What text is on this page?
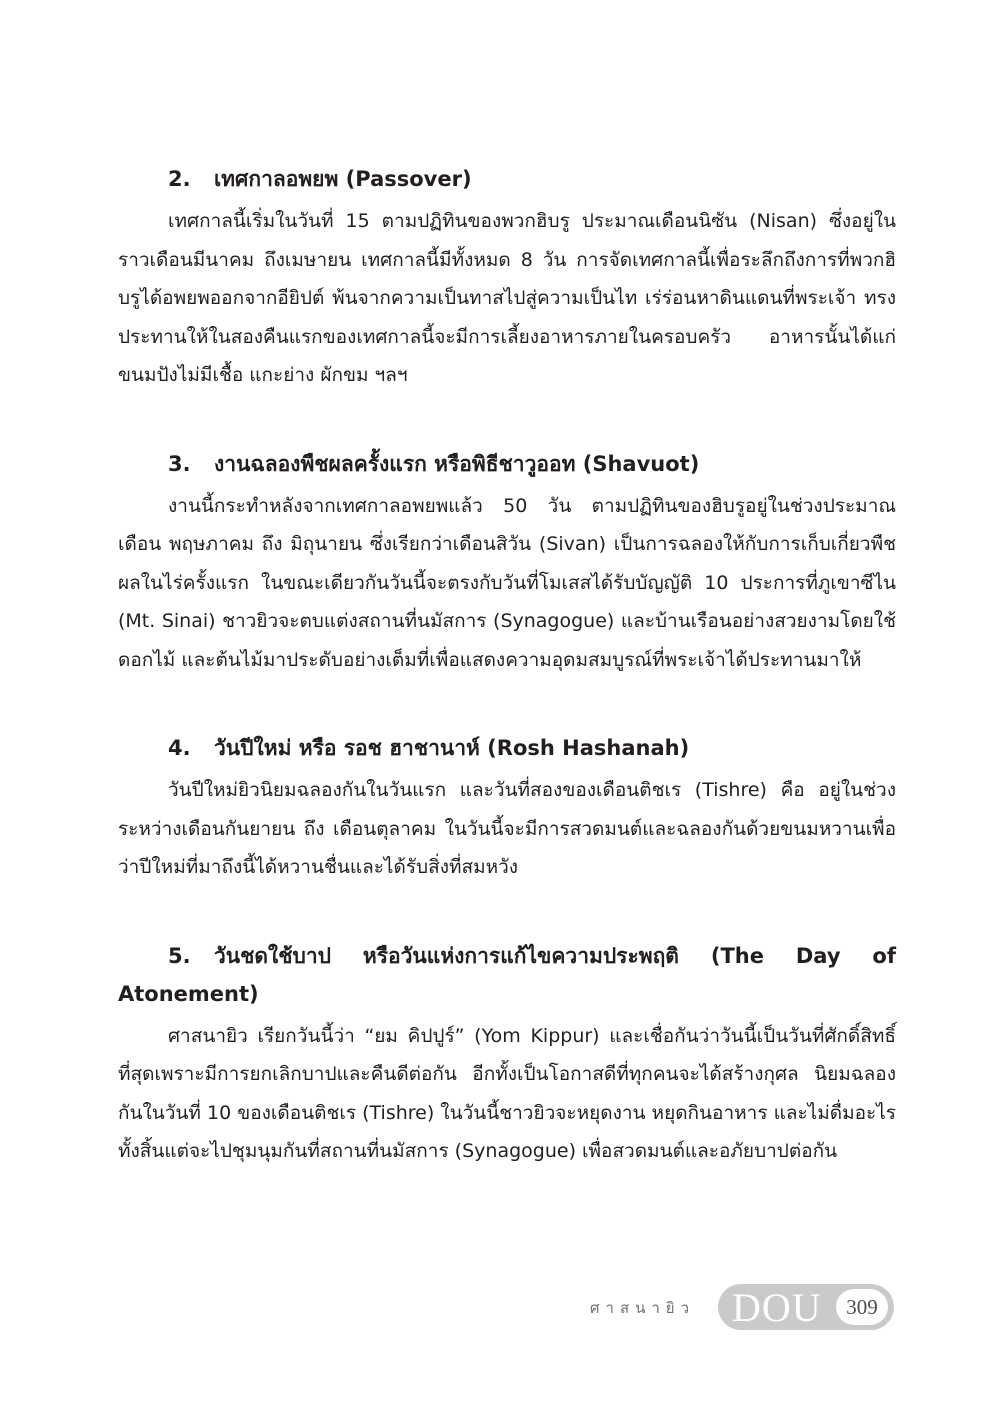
2. เทศกาลอพยพ (Passover)

เทศกาลนี้เริ่มในวันที่ 15 ตามปฏิทินของพวกฮิบรู ประมาณเดือนนิซัน (Nisan) ซึ่งอยู่ในราวเดือนมีนาคม ถึงเมษายน เทศกาลนี้มีทั้งหมด 8 วัน การจัดเทศกาลนี้เพื่อระลึกถึงการที่พวกฮิบรูได้อพยพออกจากอียิปต์ พ้นจากความเป็นทาสไปสู่ความเป็นไท เร่ร่อนหาดินแดนที่พระเจ้า ทรงประทานให้ในสองคืนแรกของเทศกาลนี้จะมีการเลี้ยงอาหารภายในครอบครัว อาหารนั้นได้แก่ ขนมปังไม่มีเชื้อ แกะย่าง ผักขม ฯลฯ

3. งานฉลองพืชผลครั้งแรก หรือพิธีชาวูออท (Shavuot)

งานนี้กระทำหลังจากเทศกาลอพยพแล้ว 50 วัน ตามปฏิทินของฮิบรูอยู่ในช่วงประมาณเดือน พฤษภาคม ถึง มิถุนายน ซึ่งเรียกว่าเดือนสิวัน (Sivan) เป็นการฉลองให้กับการเก็บเกี่ยวพืชผลในไร่ครั้งแรก ในขณะเดียวกันวันนี้จะตรงกับวันที่โมเสสได้รับบัญญัติ 10 ประการที่ภูเขาซีไน (Mt. Sinai) ชาวยิวจะตบแต่งสถานที่นมัสการ (Synagogue) และบ้านเรือนอย่างสวยงามโดยใช้ดอกไม้ และต้นไม้มาประดับอย่างเต็มที่เพื่อแสดงความอุดมสมบูรณ์ที่พระเจ้าได้ประทานมาให้

4. วันปีใหม่ หรือ รอช ฮาชานาห์ (Rosh Hashanah)

วันปีใหม่ยิวนิยมฉลองกันในวันแรก และวันที่สองของเดือนติชเร (Tishre) คือ อยู่ในช่วงระหว่างเดือนกันยายน ถึง เดือนตุลาคม ในวันนี้จะมีการสวดมนต์และฉลองกันด้วยขนมหวานเพื่อว่าปีใหม่ที่มาถึงนี้ได้หวานชื่นและได้รับสิ่งที่สมหวัง

5. วันชดใช้บาป หรือวันแห่งการแก้ไขความประพฤติ (The Day of Atonement)

ศาสนายิว เรียกวันนี้ว่า “ยม คิปปูร์” (Yom Kippur) และเชื่อกันว่าวันนี้เป็นวันที่ศักดิ์สิทธิ์ที่สุดเพราะมีการยกเลิกบาปและคืนดีต่อกัน อีกทั้งเป็นโอกาสดีที่ทุกคนจะได้สร้างกุศล นิยมฉลองกันในวันที่ 10 ของเดือนติชเร (Tishre) ในวันนี้ชาวยิวจะหยุดงาน หยุดกินอาหาร และไม่ดื่มอะไรทั้งสิ้นแต่จะไปชุมนุมกันที่สถานที่นมัสการ (Synagogue) เพื่อสวดมนต์และอภัยบาปต่อกัน

ศาสนายิว DOU	309
